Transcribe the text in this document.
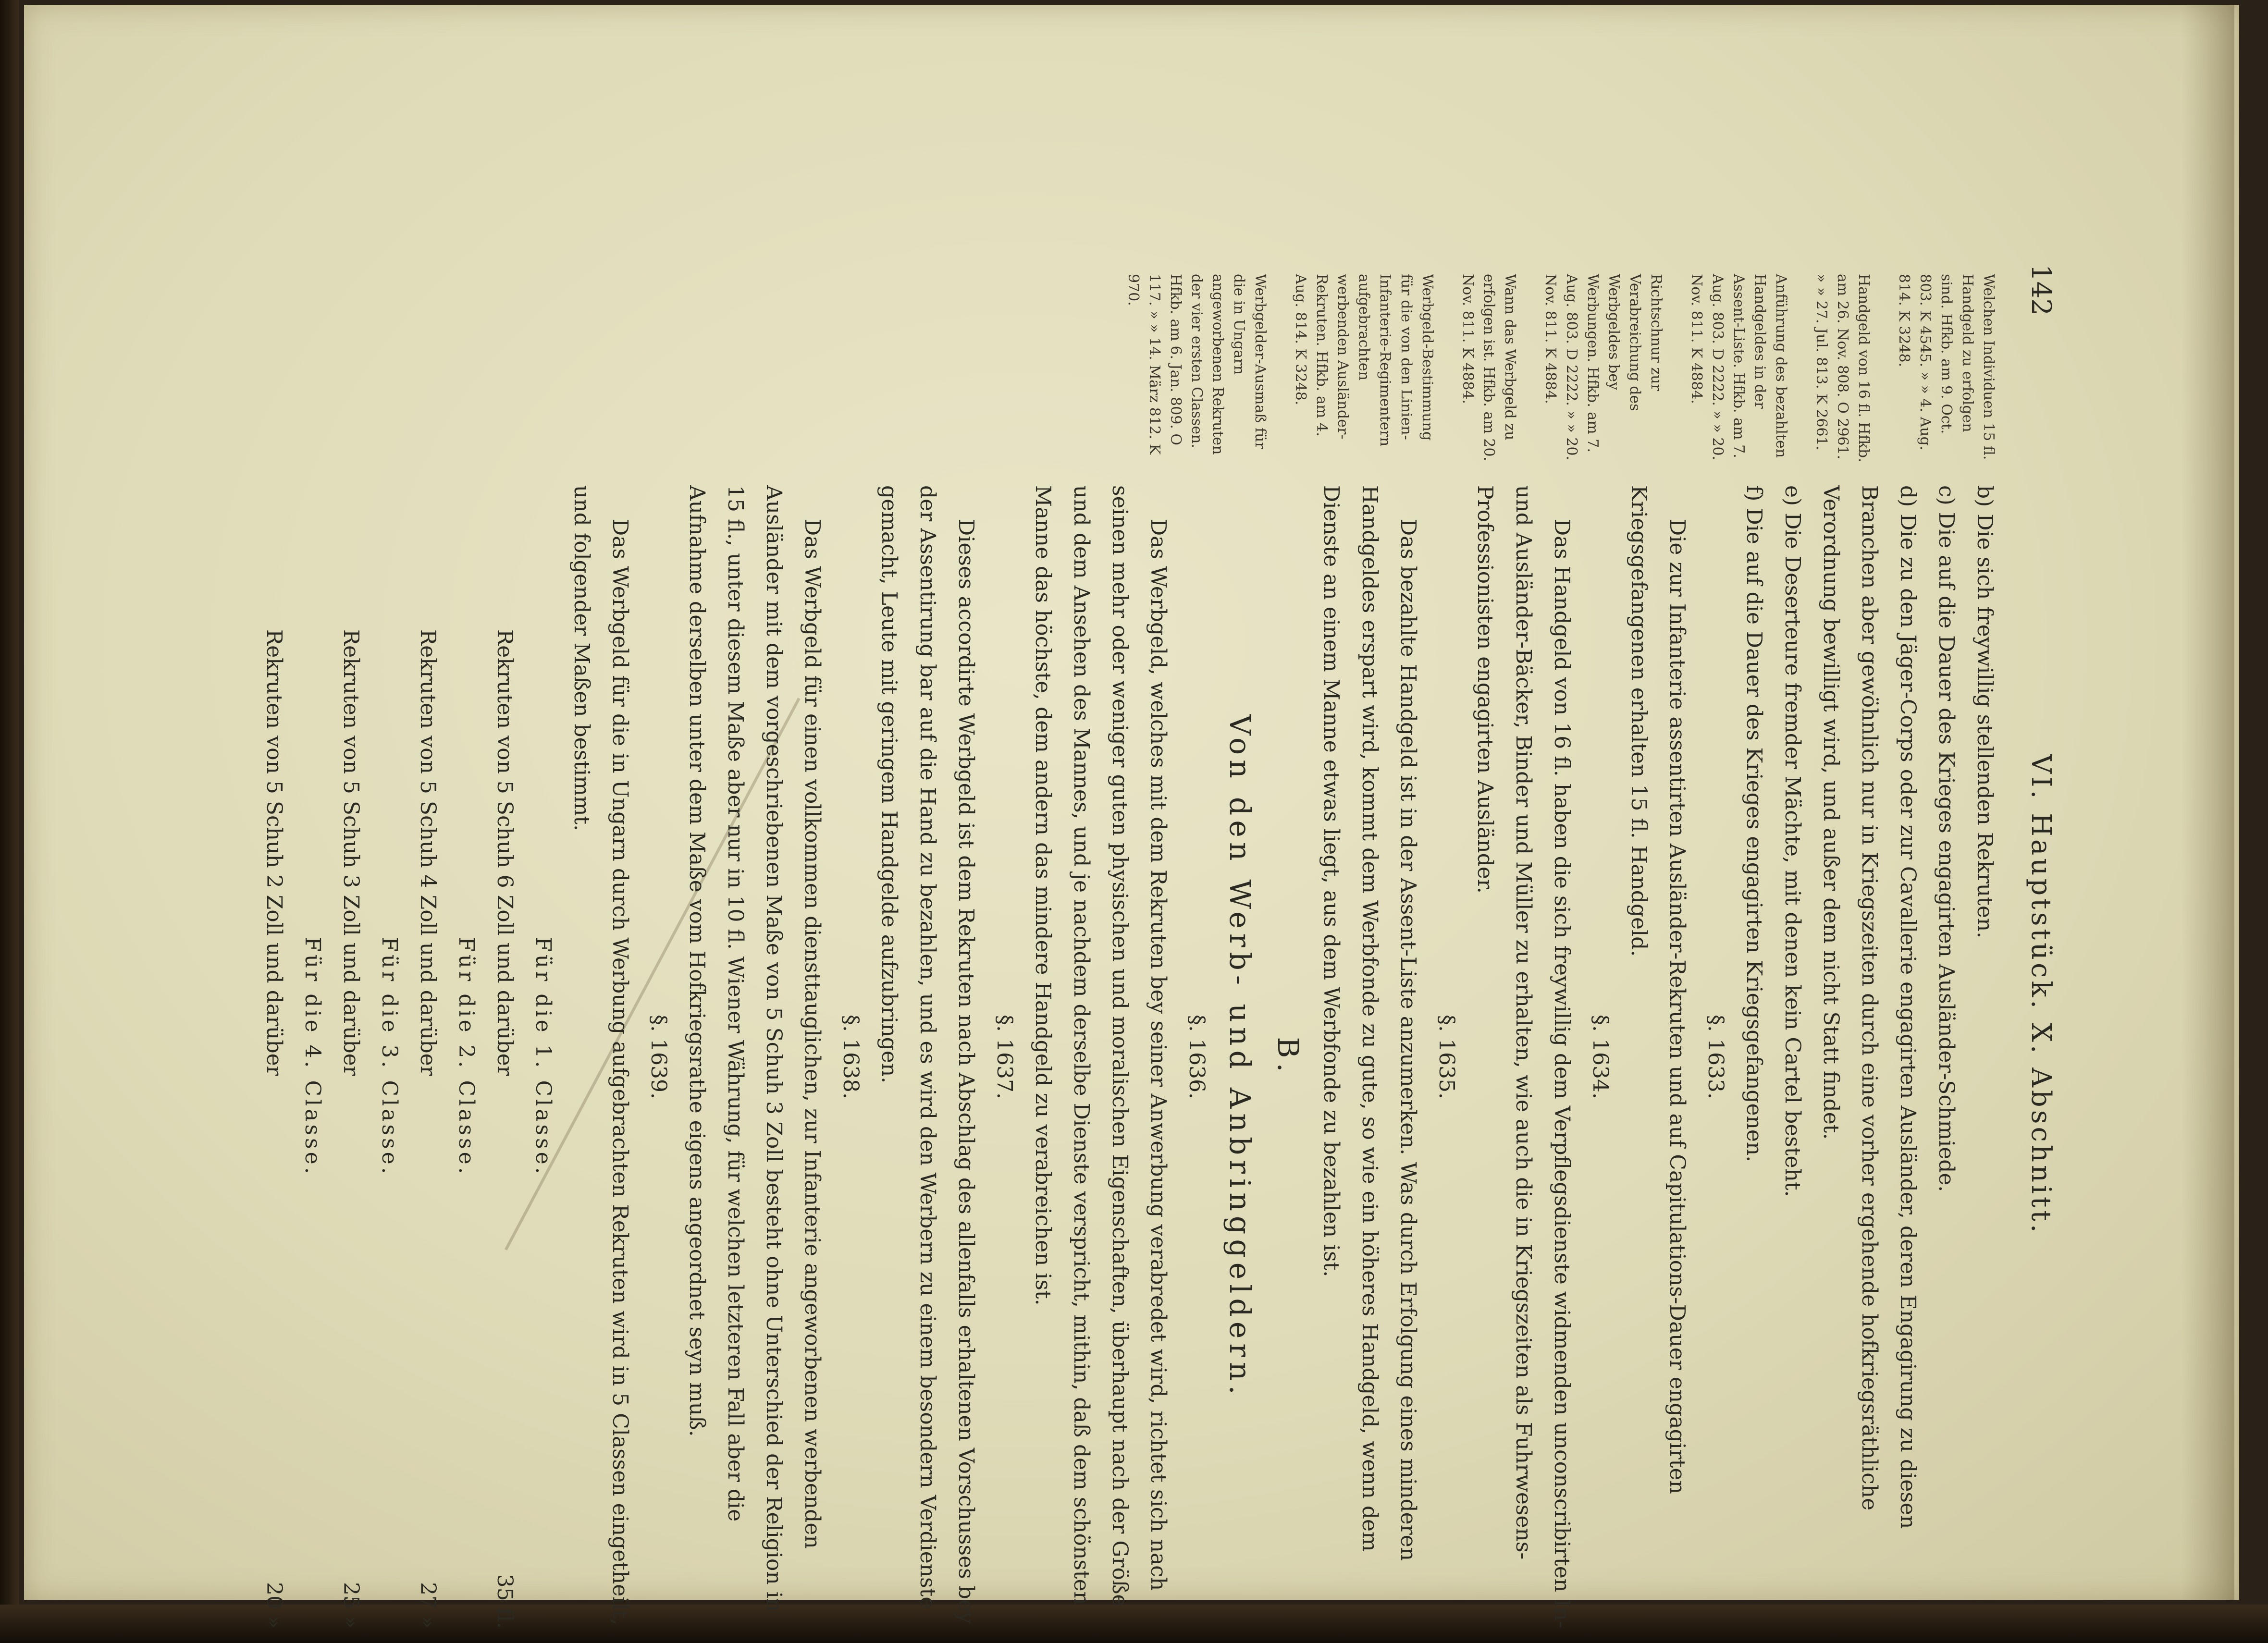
142
VI. Hauptstück. X. Abschnitt.
Welchen Individuen 15 fl. Handgeld zu erfolgen sind. Hfkb. am 9. Oct. 803. K 4545. » » 4. Aug. 814. K 3248.
Handgeld von 16 fl. Hfkb. am 26. Nov. 808. O 2961. » » 27. Jul. 813. K 2661.
Anführung des bezahlten Handgeldes in der Assent-Liste. Hfkb. am 7. Aug. 803. D 2222. » » 20. Nov. 811. K 4884.
Richtschnur zur Verabreichung des Werbgeldes bey Werbungen. Hfkb. am 7. Aug. 803. D 2222. » » 20. Nov. 811. K 4884.
Wann das Werbgeld zu erfolgen ist. Hfkb. am 20. Nov. 811. K 4884.
Werbgeld-Bestimmung für die von den Linien-Infanterie-Regimentern aufgebrachten werbenden Ausländer-Rekruten. Hfkb. am 4. Aug. 814. K 3248.
Werbgelder-Ausmaß für die in Ungarn angeworbenen Rekruten der vier ersten Classen. Hfkb. am 6. Jan. 809. O 117. » » 14. März 812. K 970.

b) Die sich freywillig stellenden Rekruten.

c) Die auf die Dauer des Krieges engagirten Ausländer-Schmiede.

d) Die zu den Jäger-Corps oder zur Cavallerie engagirten Ausländer, deren Engagirung zu diesen Branchen aber gewöhnlich nur in Kriegszeiten durch eine vorher ergehende hofkriegsräthliche Verordnung bewilligt wird, und außer dem nicht Statt findet.

e) Die Deserteure fremder Mächte, mit denen kein Cartel besteht.

f) Die auf die Dauer des Krieges engagirten Kriegsgefangenen.

§. 1633.

Die zur Infanterie assentirten Ausländer-Rekruten und auf Capitulations-Dauer engagirten Kriegsgefangenen erhalten 15 fl. Handgeld.

§. 1634.

Das Handgeld von 16 fl. haben die sich freywillig dem Verpflegsdienste widmenden unconscribirten In- und Ausländer-Bäcker, Binder und Müller zu erhalten, wie auch die in Kriegszeiten als Fuhrwesens-Professionisten engagirten Ausländer.

§. 1635.

Das bezahlte Handgeld ist in der Assent-Liste anzumerken. Was durch Erfolgung eines minderen Handgeldes erspart wird, kommt dem Werbfonde zu gute, so wie ein höheres Handgeld, wenn dem Dienste an einem Manne etwas liegt, aus dem Werbfonde zu bezahlen ist.

B.

Von den Werb- und Anbringgeldern.

§. 1636.

Das Werbgeld, welches mit dem Rekruten bey seiner Anwerbung verabredet wird, richtet sich nach seinen mehr oder weniger guten physischen und moralischen Eigenschaften, überhaupt nach der Größe und dem Ansehen des Mannes, und je nachdem derselbe Dienste verspricht, mithin, daß dem schönsten Manne das höchste, dem andern das mindere Handgeld zu verabreichen ist.

§. 1637.

Dieses accordirte Werbgeld ist dem Rekruten nach Abschlag des allenfalls erhaltenen Vorschusses bey der Assentirung bar auf die Hand zu bezahlen, und es wird den Werbern zu einem besondern Verdienste gemacht, Leute mit geringem Handgelde aufzubringen.

§. 1638.

Das Werbgeld für einen vollkommen diensttauglichen, zur Infanterie angeworbenen werbenden Ausländer mit dem vorgeschriebenen Maße von 5 Schuh 3 Zoll besteht ohne Unterschied der Religion in 15 fl., unter diesem Maße aber nur in 10 fl. Wiener Währung, für welchen letzteren Fall aber die Aufnahme derselben unter dem Maße vom Hofkriegsrathe eigens angeordnet seyn muß.

§. 1639.

Das Werbgeld für die in Ungarn durch Werbung aufgebrachten Rekruten wird in 5 Classen eingetheilt, und folgender Maßen bestimmt.

Für die 1. Classe.

Rekruten von 5 Schuh 6 Zoll und darüber
35 fl.

Für die 2. Classe.

Rekruten von 5 Schuh 4 Zoll und darüber
27 »

Für die 3. Classe.

Rekruten von 5 Schuh 3 Zoll und darüber
25 »

Für die 4. Classe.

Rekruten von 5 Schuh 2 Zoll und darüber
20 »
